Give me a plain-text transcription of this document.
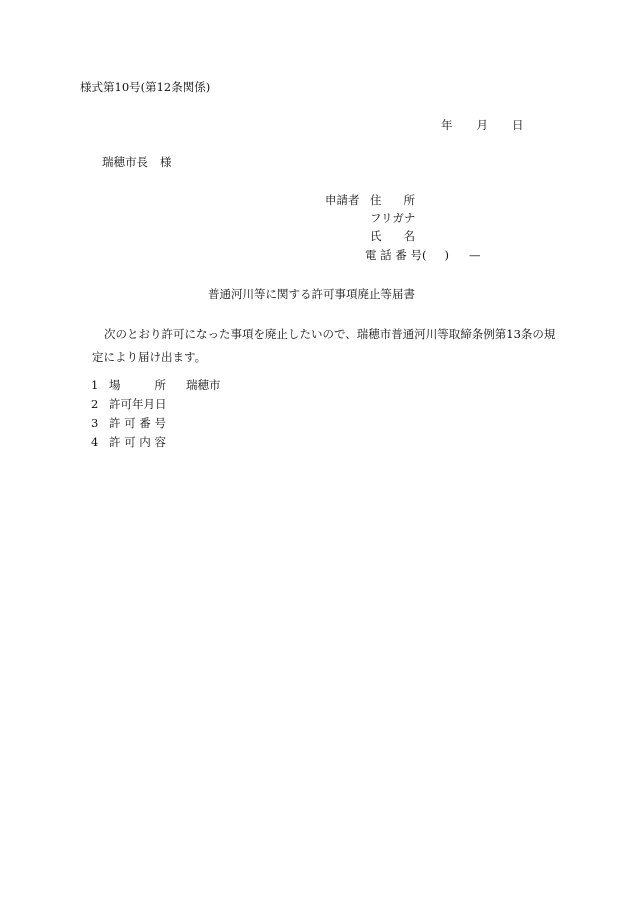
様式第10号(第12条関係)
年 月 日
瑞穂市長 様
申請者 住 所
フリガナ
氏 名
電 話 番 号( ) —
普通河川等に関する許可事項廃止等届書
次のとおり許可になった事項を廃止したいので、瑞穂市普通河川等取締条例第13条の規定により届け出ます。
1 場	所 瑞穂市
2 許可年月日
3 許 可 番 号
4 許 可 内 容
